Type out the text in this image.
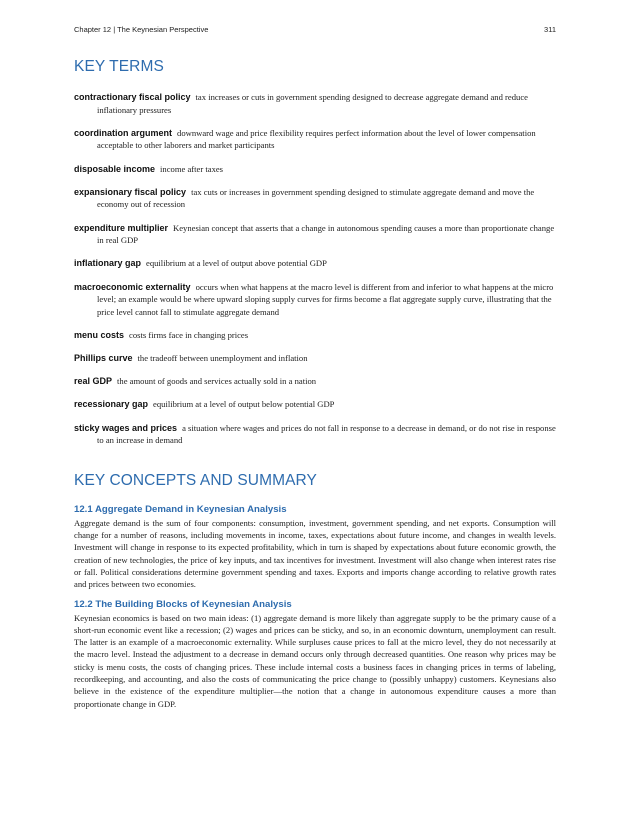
Chapter 12 | The Keynesian Perspective	311
KEY TERMS
contractionary fiscal policy tax increases or cuts in government spending designed to decrease aggregate demand and reduce inflationary pressures
coordination argument downward wage and price flexibility requires perfect information about the level of lower compensation acceptable to other laborers and market participants
disposable income income after taxes
expansionary fiscal policy tax cuts or increases in government spending designed to stimulate aggregate demand and move the economy out of recession
expenditure multiplier Keynesian concept that asserts that a change in autonomous spending causes a more than proportionate change in real GDP
inflationary gap equilibrium at a level of output above potential GDP
macroeconomic externality occurs when what happens at the macro level is different from and inferior to what happens at the micro level; an example would be where upward sloping supply curves for firms become a flat aggregate supply curve, illustrating that the price level cannot fall to stimulate aggregate demand
menu costs costs firms face in changing prices
Phillips curve the tradeoff between unemployment and inflation
real GDP the amount of goods and services actually sold in a nation
recessionary gap equilibrium at a level of output below potential GDP
sticky wages and prices a situation where wages and prices do not fall in response to a decrease in demand, or do not rise in response to an increase in demand
KEY CONCEPTS AND SUMMARY
12.1 Aggregate Demand in Keynesian Analysis

Aggregate demand is the sum of four components: consumption, investment, government spending, and net exports. Consumption will change for a number of reasons, including movements in income, taxes, expectations about future income, and changes in wealth levels. Investment will change in response to its expected profitability, which in turn is shaped by expectations about future economic growth, the creation of new technologies, the price of key inputs, and tax incentives for investment. Investment will also change when interest rates rise or fall. Political considerations determine government spending and taxes. Exports and imports change according to relative growth rates and prices between two economies.

12.2 The Building Blocks of Keynesian Analysis

Keynesian economics is based on two main ideas: (1) aggregate demand is more likely than aggregate supply to be the primary cause of a short-run economic event like a recession; (2) wages and prices can be sticky, and so, in an economic downturn, unemployment can result. The latter is an example of a macroeconomic externality. While surpluses cause prices to fall at the micro level, they do not necessarily at the macro level. Instead the adjustment to a decrease in demand occurs only through decreased quantities. One reason why prices may be sticky is menu costs, the costs of changing prices. These include internal costs a business faces in changing prices in terms of labeling, recordkeeping, and accounting, and also the costs of communicating the price change to (possibly unhappy) customers. Keynesians also believe in the existence of the expenditure multiplier—the notion that a change in autonomous expenditure causes a more than proportionate change in GDP.
